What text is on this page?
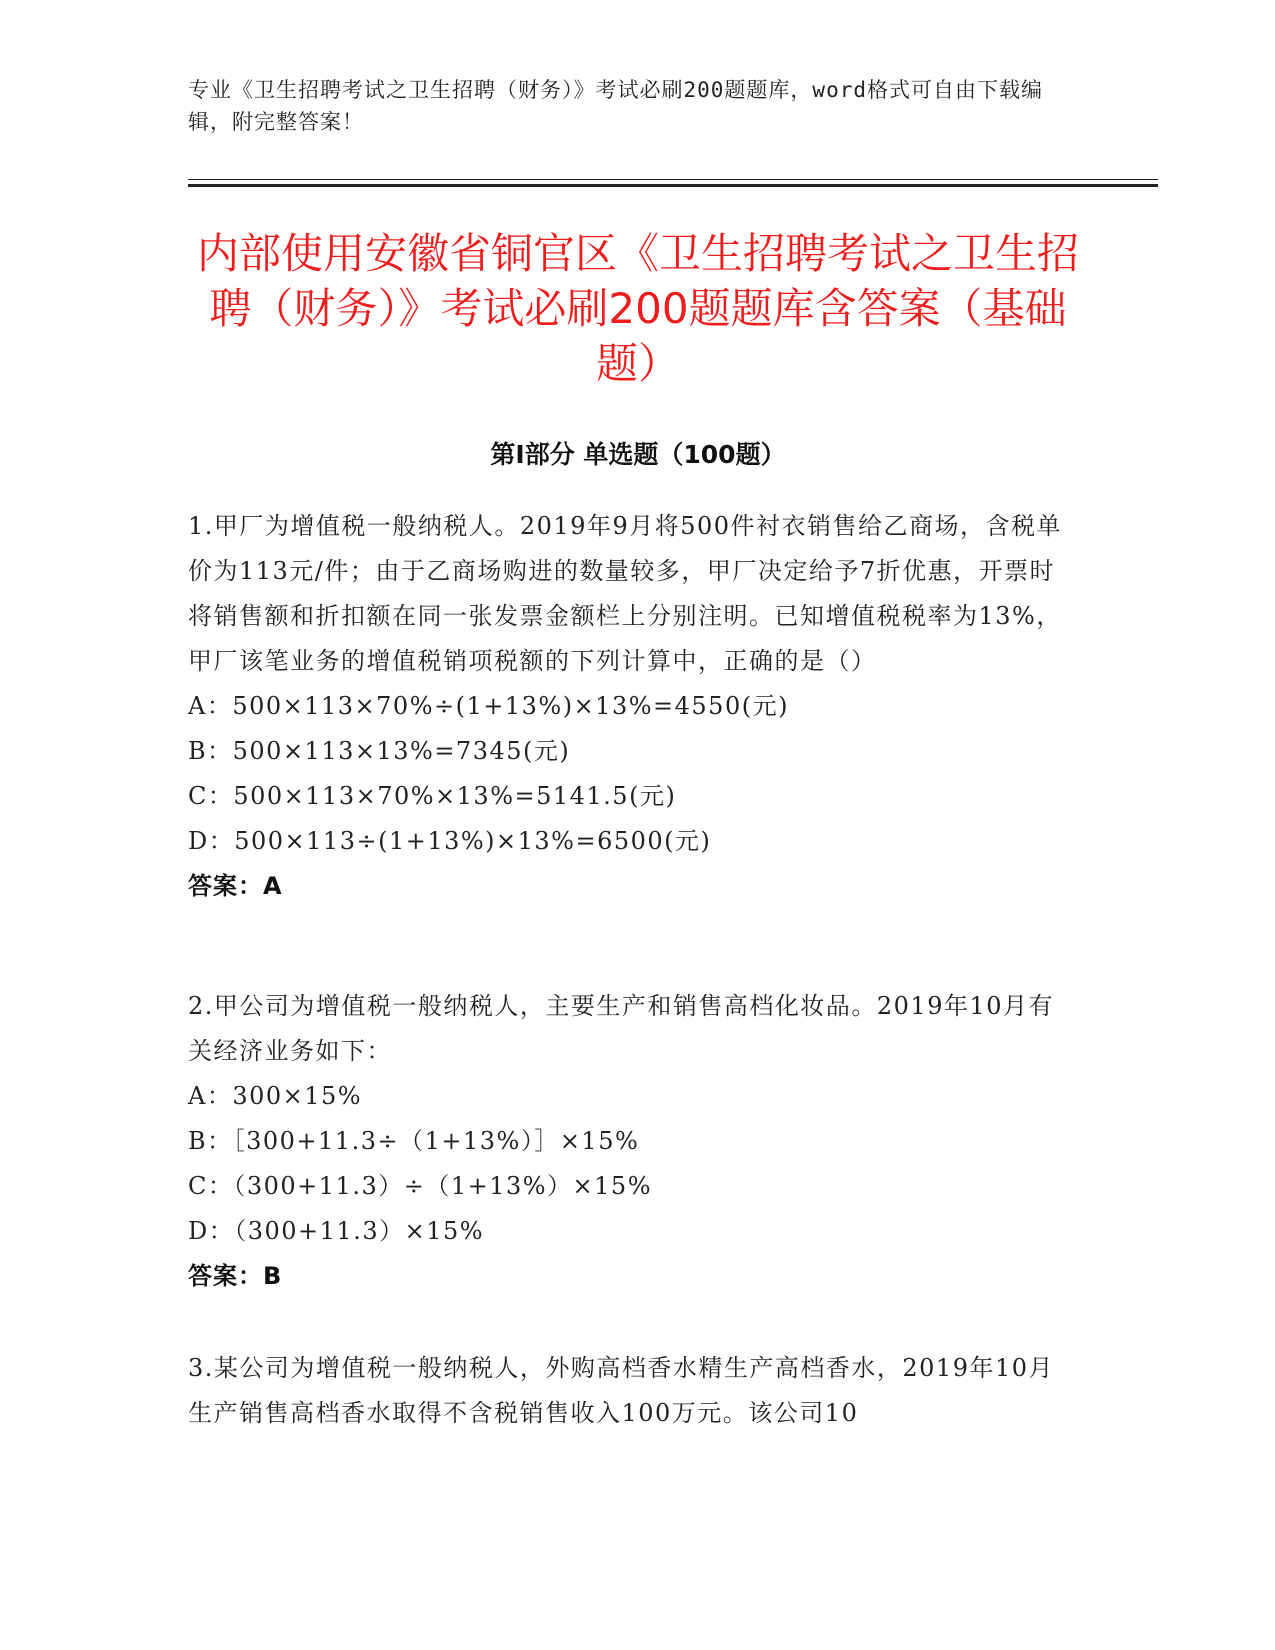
专业《卫生招聘考试之卫生招聘（财务）》考试必刷200题题库，word格式可自由下载编辑，附完整答案！
内部使用安徽省铜官区《卫生招聘考试之卫生招聘（财务）》考试必刷200题题库含答案（基础题）
第Ⅰ部分 单选题（100题）
1.甲厂为增值税一般纳税人。2019年9月将500件衬衣销售给乙商场，含税单价为113元/件；由于乙商场购进的数量较多，甲厂决定给予7折优惠，开票时将销售额和折扣额在同一张发票金额栏上分别注明。已知增值税税率为13%，甲厂该笔业务的增值税销项税额的下列计算中，正确的是（）
A：500×113×70%÷(1+13%)×13%=4550(元)
B：500×113×13%=7345(元)
C：500×113×70%×13%=5141.5(元)
D：500×113÷(1+13%)×13%=6500(元)
答案：A
2.甲公司为增值税一般纳税人，主要生产和销售高档化妆品。2019年10月有关经济业务如下：
A：300×15%
B：［300+11.3÷（1+13%）］×15%
C：（300+11.3）÷（1+13%）×15%
D：（300+11.3）×15%
答案：B
3.某公司为增值税一般纳税人，外购高档香水精生产高档香水，2019年10月生产销售高档香水取得不含税销售收入100万元。该公司10
